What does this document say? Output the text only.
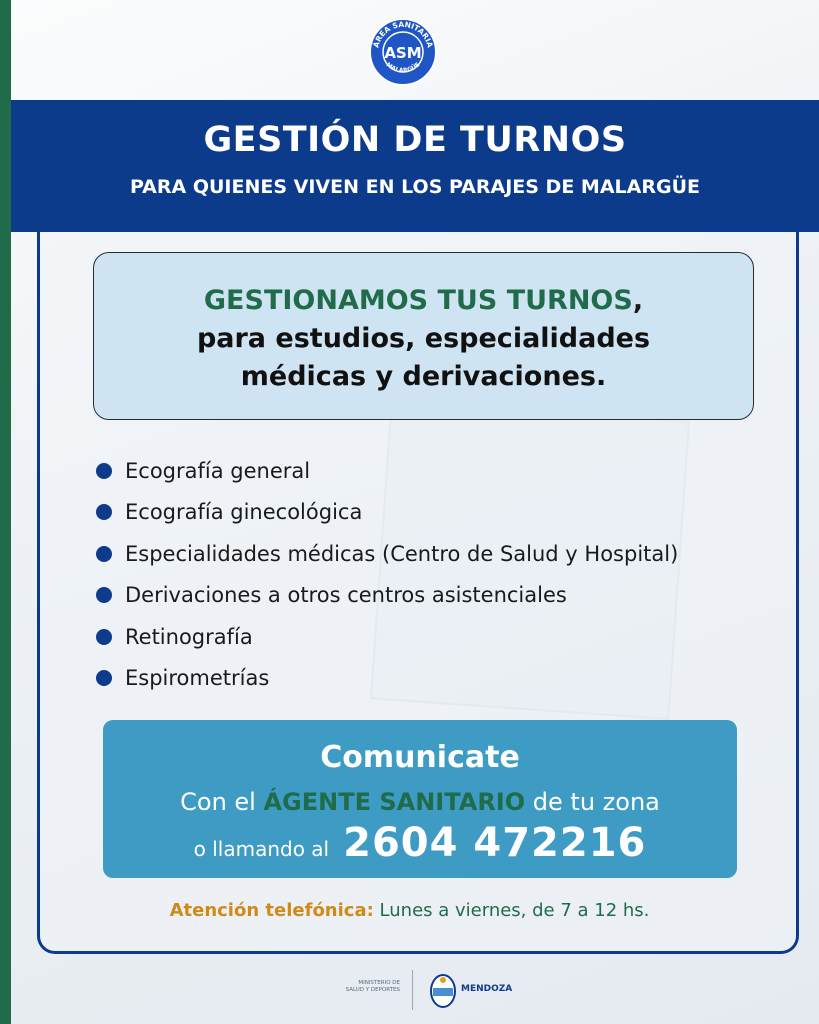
ÁREA SANITARIA
MALARGÜE
ASM
GESTIÓN DE TURNOS
PARA QUIENES VIVEN EN LOS PARAJES DE MALARGÜE
GESTIONAMOS TUS TURNOS,
para estudios, especialidades
médicas y derivaciones.
Ecografía general
Ecografía ginecológica
Especialidades médicas (Centro de Salud y Hospital)
Derivaciones a otros centros asistenciales
Retinografía
Espirometrías
Comunicate
Con el ÁGENTE SANITARIO de tu zona
o llamando al 2604 472216
Atención telefónica: Lunes a viernes, de 7 a 12 hs.
MINISTERIO DE
SALUD Y DEPORTES	MENDOZA
